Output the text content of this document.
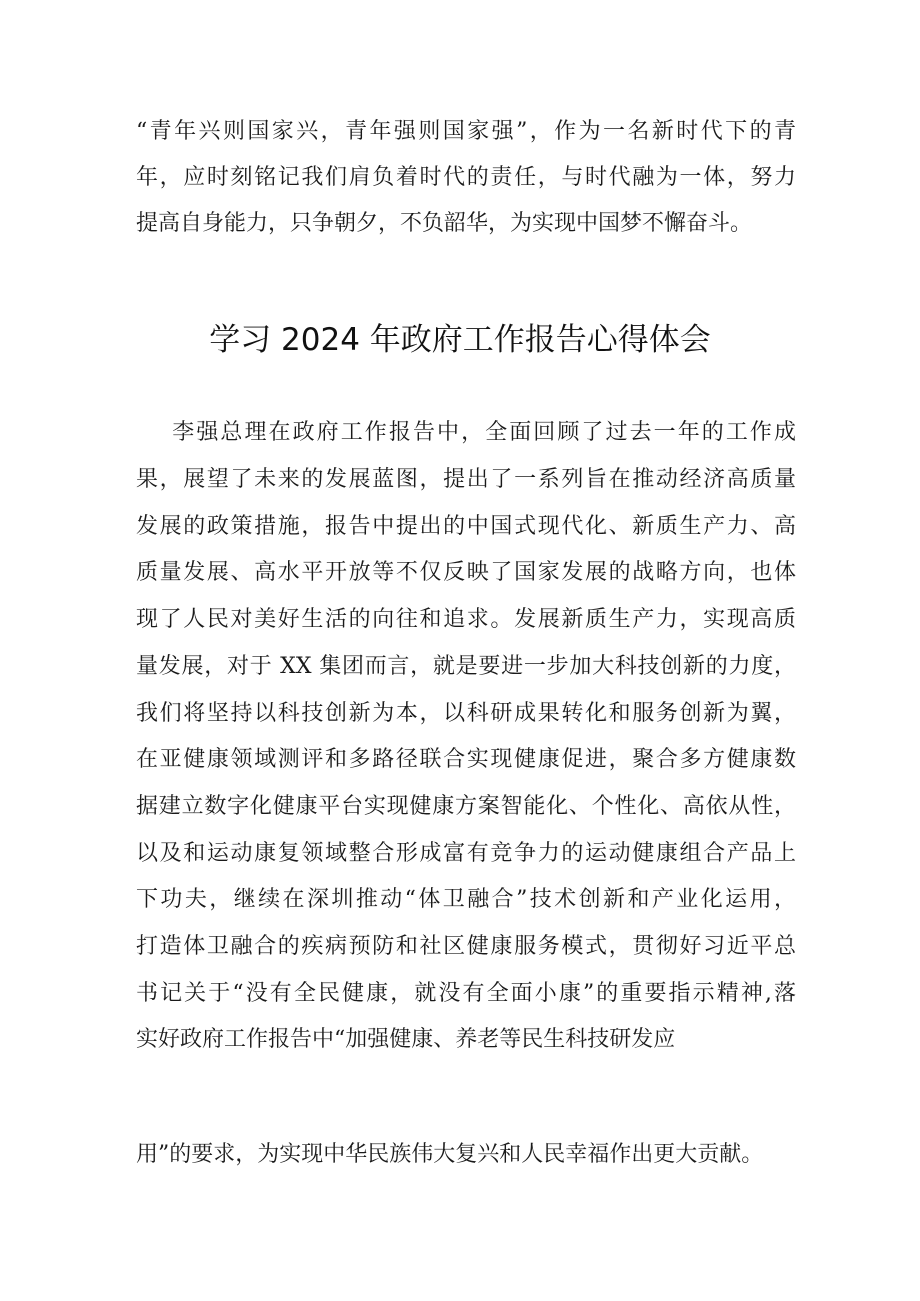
“青年兴则国家兴，青年强则国家强”，作为一名新时代下的青
年，应时刻铭记我们肩负着时代的责任，与时代融为一体，努力
提高自身能力，只争朝夕，不负韶华，为实现中国梦不懈奋斗。
学习 2024 年政府工作报告心得体会
李强总理在政府工作报告中，全面回顾了过去一年的工作成
果，展望了未来的发展蓝图，提出了一系列旨在推动经济高质量
发展的政策措施，报告中提出的中国式现代化、新质生产力、高
质量发展、高水平开放等不仅反映了国家发展的战略方向，也体
现了人民对美好生活的向往和追求。发展新质生产力，实现高质
量发展，对于 XX 集团而言，就是要进一步加大科技创新的力度，
我们将坚持以科技创新为本，以科研成果转化和服务创新为翼，
在亚健康领域测评和多路径联合实现健康促进，聚合多方健康数
据建立数字化健康平台实现健康方案智能化、个性化、高依从性，
以及和运动康复领域整合形成富有竞争力的运动健康组合产品上
下功夫，继续在深圳推动“体卫融合”技术创新和产业化运用，
打造体卫融合的疾病预防和社区健康服务模式，贯彻好习近平总
书记关于“没有全民健康，就没有全面小康”的重要指示精神,落
实好政府工作报告中“加强健康、养老等民生科技研发应
用”的要求，为实现中华民族伟大复兴和人民幸福作出更大贡献。
